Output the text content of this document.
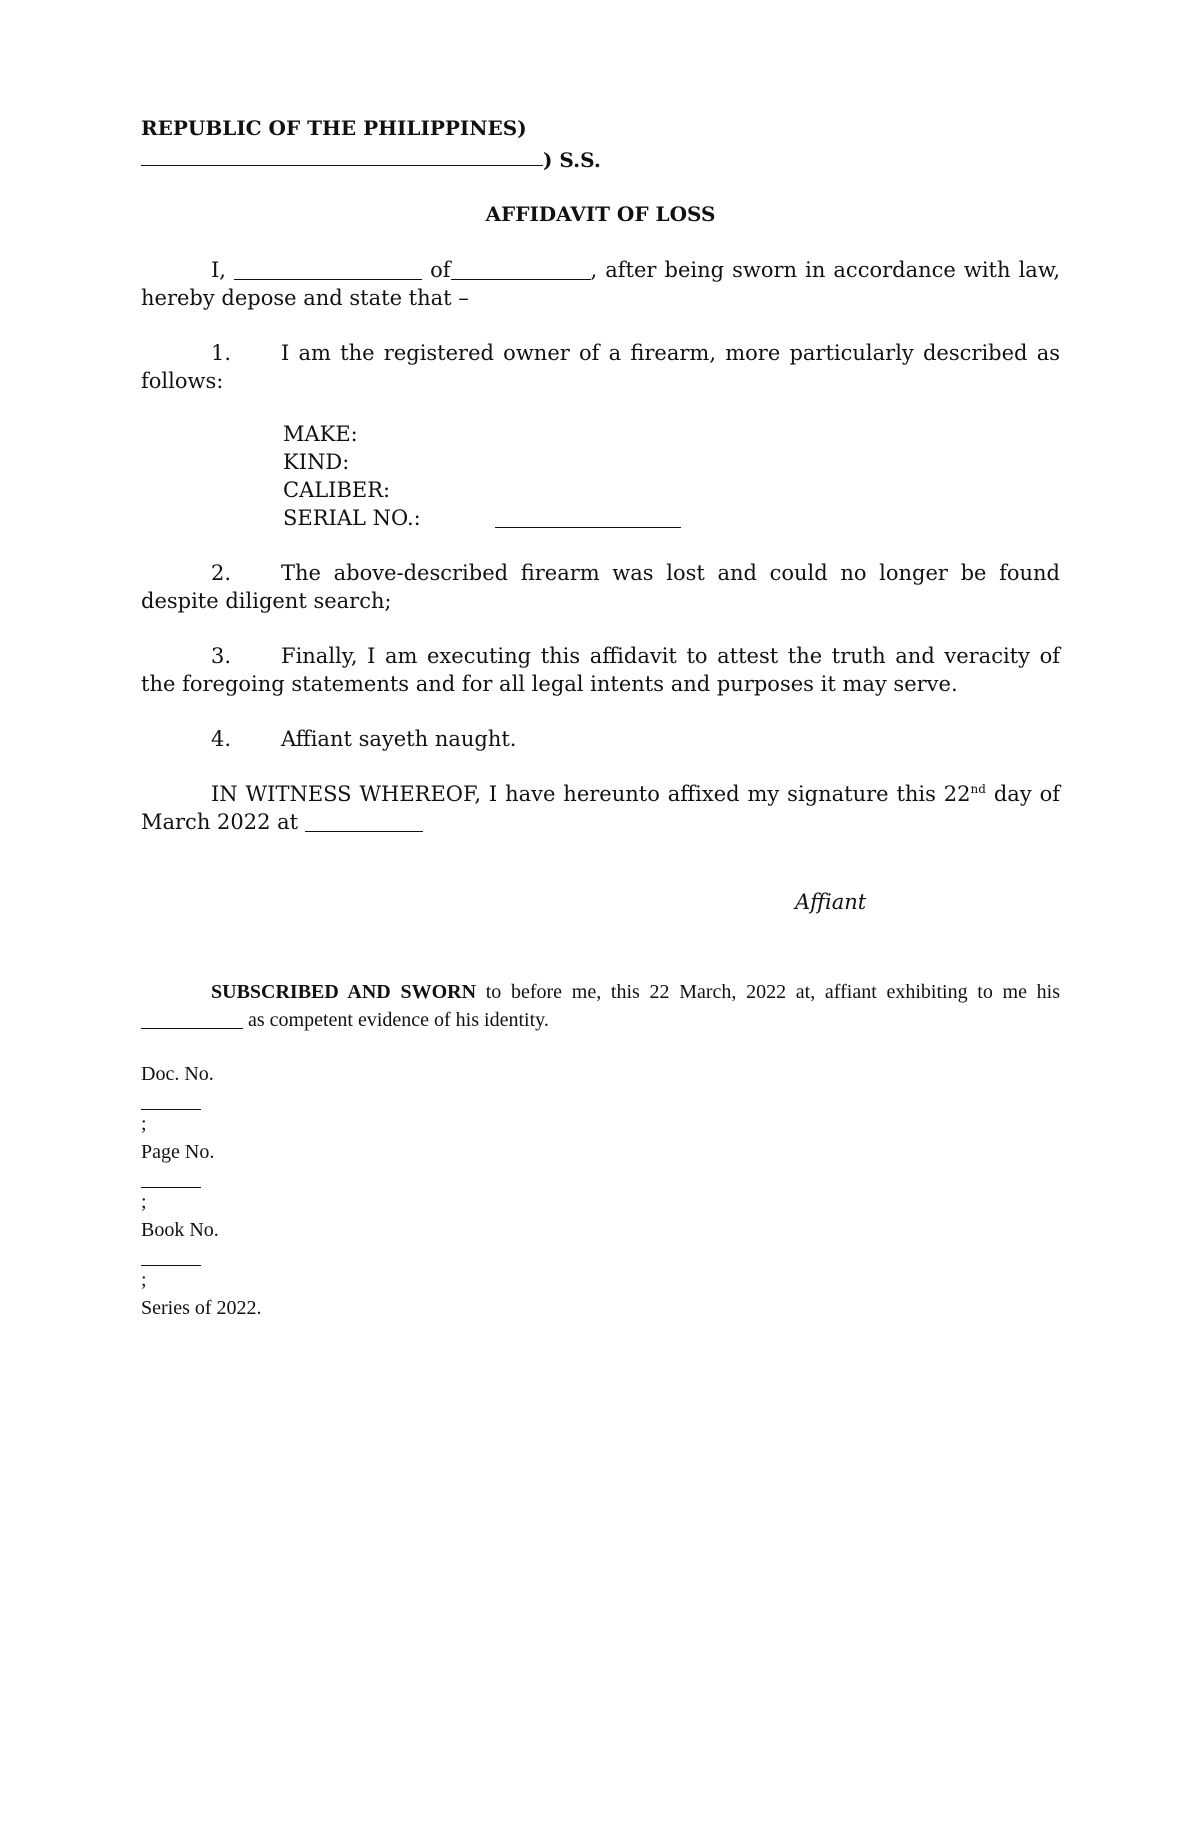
REPUBLIC OF THE PHILIPPINES)
) S.S.
AFFIDAVIT OF LOSS

I,	of	, after being sworn in accordance with law, hereby depose and state that –

1. I am the registered owner of a firearm, more particularly described as follows:

MAKE:
KIND:
CALIBER:
SERIAL NO.:

2. The above-described firearm was lost and could no longer be found despite diligent search;

3. Finally, I am executing this affidavit to attest the truth and veracity of the foregoing statements and for all legal intents and purposes it may serve.

4. Affiant sayeth naught.

IN WITNESS WHEREOF, I have hereunto affixed my signature this 22nd day of March 2022 at

Affiant

SUBSCRIBED AND SWORN to before me, this 22 March, 2022 at, affiant exhibiting to me his  as competent evidence of his identity.

Doc. No.
;
Page No.
;
Book No.
;
Series of 2022.
